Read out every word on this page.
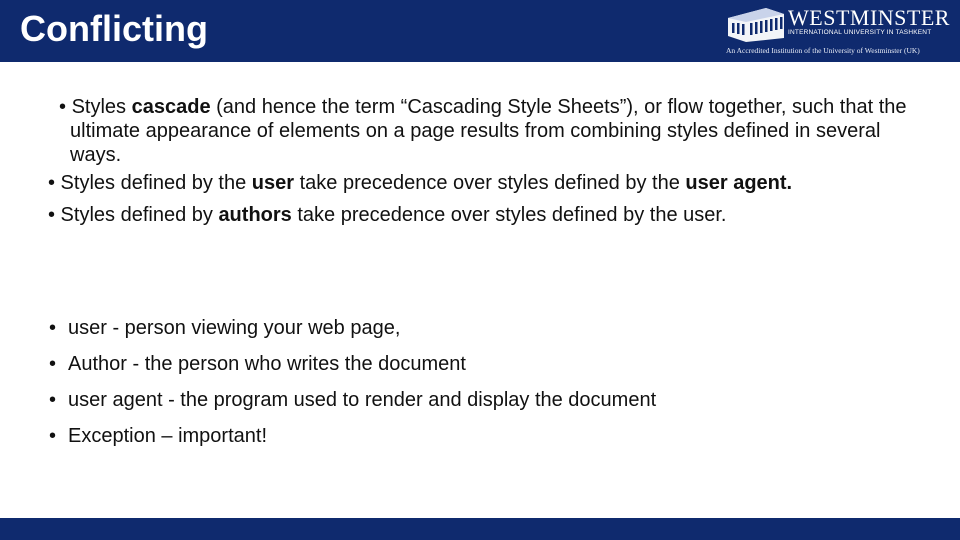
Conflicting	WESTMINSTER
INTERNATIONAL UNIVERSITY IN TASHKENT
An Accredited Institution of the University of Westminster (UK)

• Styles cascade (and hence the term “Cascading Style Sheets”), or flow together, such that the ultimate appearance of elements on a page results from combining styles defined in several ways.

• Styles defined by the user take precedence over styles defined by the user agent.

• Styles defined by authors take precedence over styles defined by the user.

• user - person viewing your web page,
• Author - the person who writes the document
• user agent - the program used to render and display the document
• Exception – important!
